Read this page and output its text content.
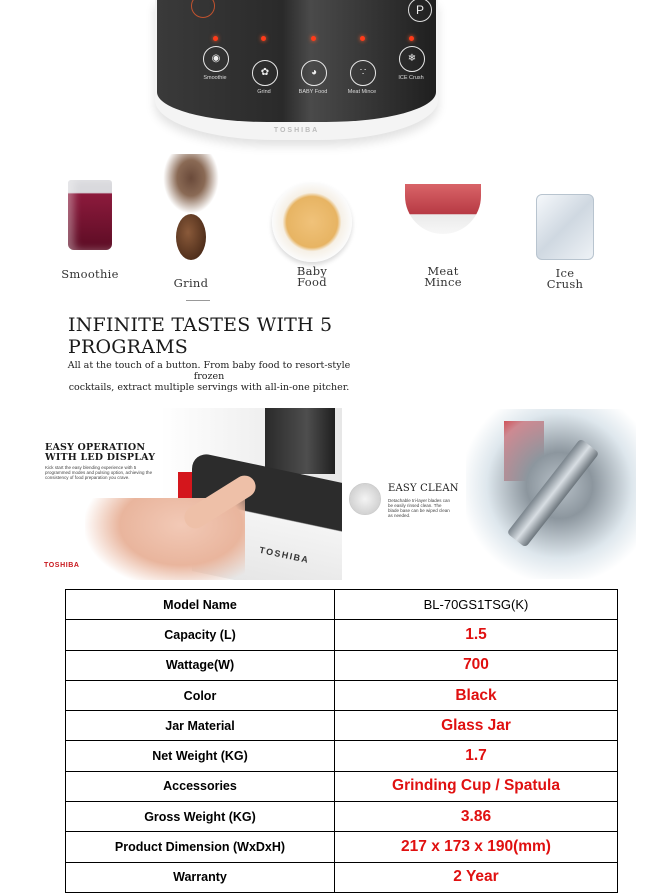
P
◉
✿	◕	∵
❄
Smoothie
Grind	BABY Food	Meat Mince
ICE Crush
TOSHIBA
Smoothie
Grind
Baby
Food
Meat
Mince
Ice
Crush
INFINITE TASTES WITH 5
PROGRAMS
All at the touch of a button. From baby food to resort-style frozen
cocktails, extract multiple servings with all-in-one pitcher.
EASY OPERATION
WITH LED DISPLAY
Kick start the easy blending experience with 5 programmed modes and pulsing option, achieving the consistency of food preparation you crave.
TOSHIBA
TOSHIBA
EASY CLEAN
Detachable tri-layer blades can be easily rinsed clean. The blade base can be wiped clean as needed.
Model Name	BL-70GS1TSG(K)
Capacity (L)	1.5
Wattage(W)	700
Color	Black
Jar Material	Glass Jar
Net Weight (KG)	1.7
Accessories	Grinding Cup / Spatula
Gross Weight (KG)	3.86
Product Dimension (WxDxH)	217 x 173 x 190(mm)
Warranty	2 Year
